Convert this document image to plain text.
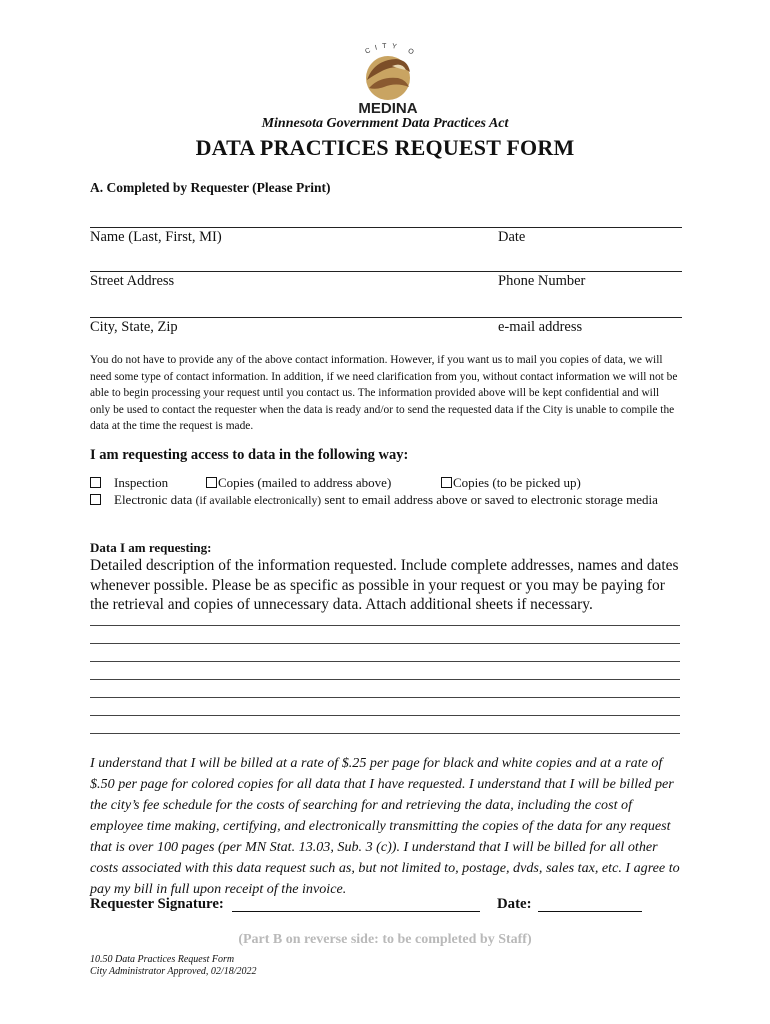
CITY O
MEDINA
Minnesota Government Data Practices Act
DATA PRACTICES REQUEST FORM
A. Completed by Requester (Please Print)
Name (Last, First, MI)	Date
Street Address	Phone Number
City, State, Zip	e-mail address
You do not have to provide any of the above contact information. However, if you want us to mail you copies of data, we will need some type of contact information. In addition, if we need clarification from you, without contact information we will not be able to begin processing your request until you contact us. The information provided above will be kept confidential and will only be used to contact the requester when the data is ready and/or to send the requested data if the City is unable to compile the data at the time the request is made.
I am requesting access to data in the following way:
Inspection	Copies (mailed to address above)	Copies (to be picked up)
Electronic data (if available electronically) sent to email address above or saved to electronic storage media
Data I am requesting:
Detailed description of the information requested. Include complete addresses, names and dates whenever possible. Please be as specific as possible in your request or you may be paying for the retrieval and copies of unnecessary data. Attach additional sheets if necessary.
I understand that I will be billed at a rate of $.25 per page for black and white copies and at a rate of $.50 per page for colored copies for all data that I have requested. I understand that I will be billed per the city’s fee schedule for the costs of searching for and retrieving the data, including the cost of employee time making, certifying, and electronically transmitting the copies of the data for any request that is over 100 pages (per MN Stat. 13.03, Sub. 3 (c)). I understand that I will be billed for all other costs associated with this data request such as, but not limited to, postage, dvds, sales tax, etc. I agree to pay my bill in full upon receipt of the invoice.
Requester Signature:	Date:
(Part B on reverse side: to be completed by Staff)
10.50 Data Practices Request Form
City Administrator Approved, 02/18/2022
